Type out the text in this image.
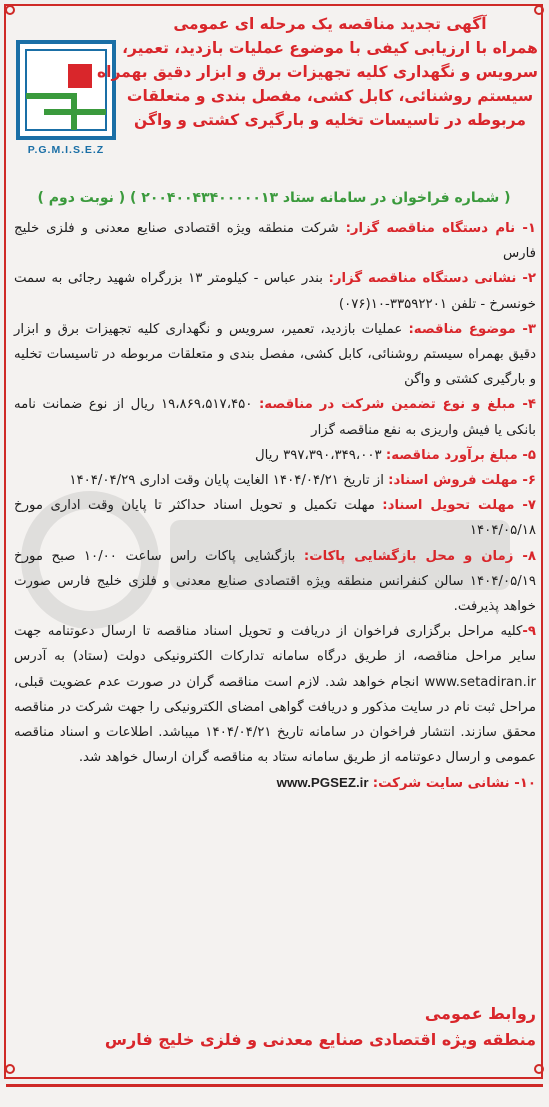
P.G.M.I.S.E.Z
آگهی تجدید مناقصه یک مرحله ای عمومی
همراه با ارزیابی کیفی با موضوع عملیات بازدید، تعمیر،
سرویس و نگهداری کلیه تجهیزات برق و ابزار دقیق بهمراه
سیستم روشنائی، کابل کشی، مفصل بندی و متعلقات
مربوطه در تاسیسات تخلیه و بارگیری کشتی و واگن
( شماره فراخوان در سامانه ستاد ۲۰۰۴۰۰۴۳۴۰۰۰۰۰۱۳ ) ( نوبت دوم )

۱- نام دستگاه مناقصه گزار: شرکت منطقه ویژه اقتصادی صنایع معدنی و فلزی خلیج فارس

۲- نشانی دستگاه مناقصه گزار: بندر عباس - کیلومتر ۱۳ بزرگراه شهید رجائی به سمت خونسرخ - تلفن ۳۳۵۹۲۲۰۱-۱۰(۰۷۶)

۳- موضوع مناقصه: عملیات بازدید، تعمیر، سرویس و نگهداری کلیه تجهیزات برق و ابزار دقیق بهمراه سیستم روشنائی، کابل کشی، مفصل بندی و متعلقات مربوطه در تاسیسات تخلیه و بارگیری کشتی و واگن

۴- مبلغ و نوع تضمین شرکت در مناقصه: ۱۹،۸۶۹،۵۱۷،۴۵۰ ریال از نوع ضمانت نامه بانکی یا فیش واریزی به نفع مناقصه گزار

۵- مبلغ برآورد مناقصه: ۳۹۷،۳۹۰،۳۴۹،۰۰۳ ریال

۶- مهلت فروش اسناد: از تاریخ ۱۴۰۴/۰۴/۲۱ الغایت پایان وقت اداری ۱۴۰۴/۰۴/۲۹

۷- مهلت تحویل اسناد: مهلت تکمیل و تحویل اسناد حداکثر تا پایان وقت اداری مورخ ۱۴۰۴/۰۵/۱۸

۸- زمان و محل بازگشایی پاکات: بازگشایی پاکات راس ساعت ۱۰/۰۰ صبح مورخ ۱۴۰۴/۰۵/۱۹ سالن کنفرانس منطقه ویژه اقتصادی صنایع معدنی و فلزی خلیج فارس صورت خواهد پذیرفت.

۹-کلیه مراحل برگزاری فراخوان از دریافت و تحویل اسناد مناقصه تا ارسال دعوتنامه جهت سایر مراحل مناقصه، از طریق درگاه سامانه تدارکات الکترونیکی دولت (ستاد) به آدرس www.setadiran.ir انجام خواهد شد. لازم است مناقصه گران در صورت عدم عضویت قبلی، مراحل ثبت نام در سایت مذکور و دریافت گواهی امضای الکترونیکی را جهت شرکت در مناقصه محقق سازند. انتشار فراخوان در سامانه تاریخ ۱۴۰۴/۰۴/۲۱ میباشد. اطلاعات و اسناد مناقصه عمومی و ارسال دعوتنامه از طریق سامانه ستاد به مناقصه گران ارسال خواهد شد.

۱۰- نشانی سایت شرکت: www.PGSEZ.ir

روابط عمومی
منطقه ویژه اقتصادی صنایع معدنی و فلزی خلیج فارس
